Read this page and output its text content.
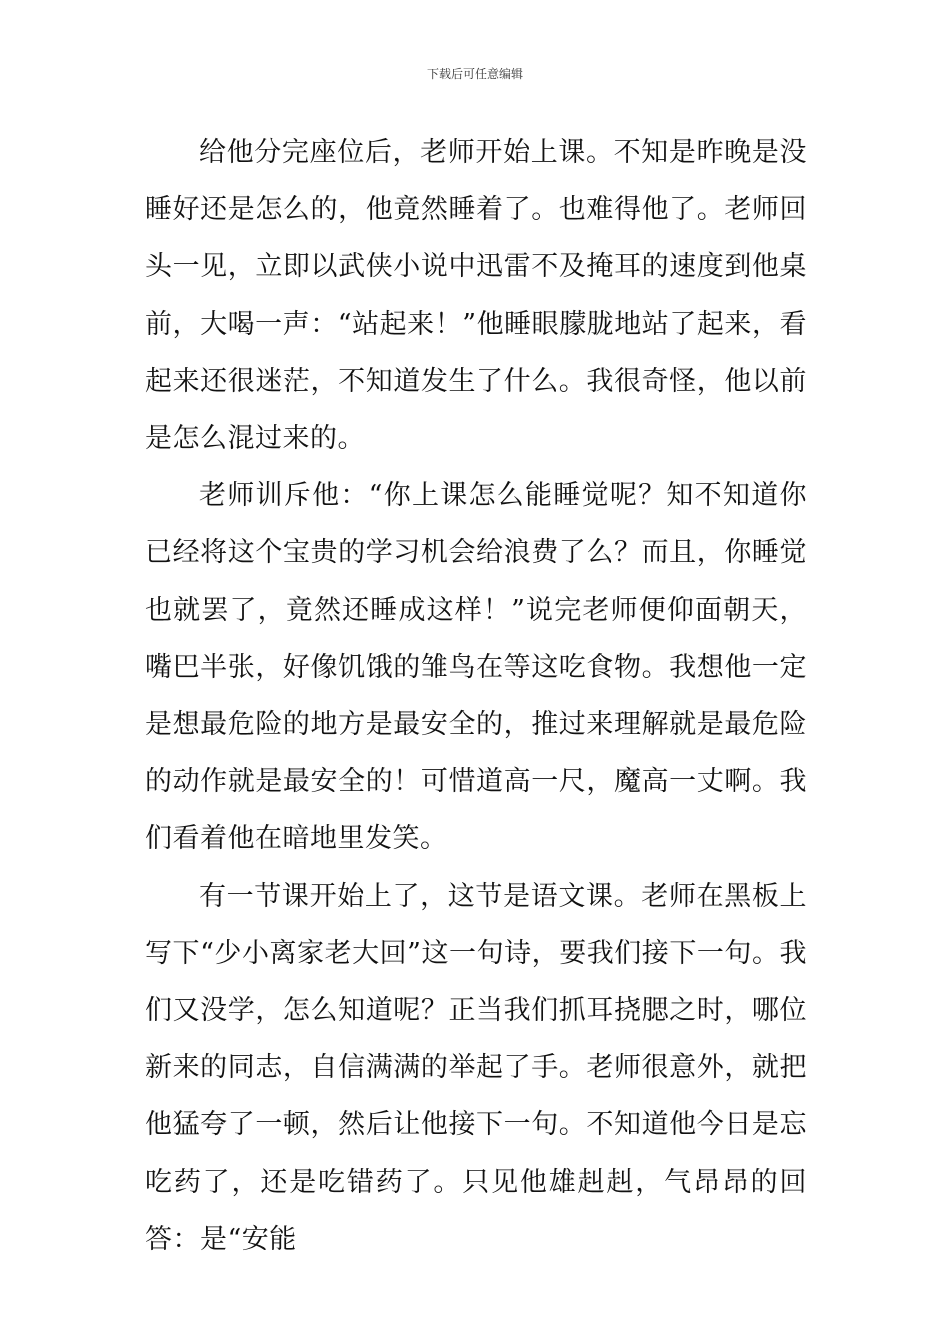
下载后可任意编辑

给他分完座位后，老师开始上课。不知是昨晚是没睡好还是怎么的，他竟然睡着了。也难得他了。老师回头一见，立即以武侠小说中迅雷不及掩耳的速度到他桌前，大喝一声：“站起来！”他睡眼朦胧地站了起来，看起来还很迷茫，不知道发生了什么。我很奇怪，他以前是怎么混过来的。

老师训斥他：“你上课怎么能睡觉呢？知不知道你已经将这个宝贵的学习机会给浪费了么？而且，你睡觉也就罢了，竟然还睡成这样！”说完老师便仰面朝天，嘴巴半张，好像饥饿的雏鸟在等这吃食物。我想他一定是想最危险的地方是最安全的，推过来理解就是最危险的动作就是最安全的！可惜道高一尺，魔高一丈啊。我们看着他在暗地里发笑。

有一节课开始上了，这节是语文课。老师在黑板上写下“少小离家老大回”这一句诗，要我们接下一句。我们又没学，怎么知道呢？正当我们抓耳挠腮之时，哪位新来的同志，自信满满的举起了手。老师很意外，就把他猛夸了一顿，然后让他接下一句。不知道他今日是忘吃药了，还是吃错药了。只见他雄赳赳，气昂昂的回答：是“安能
